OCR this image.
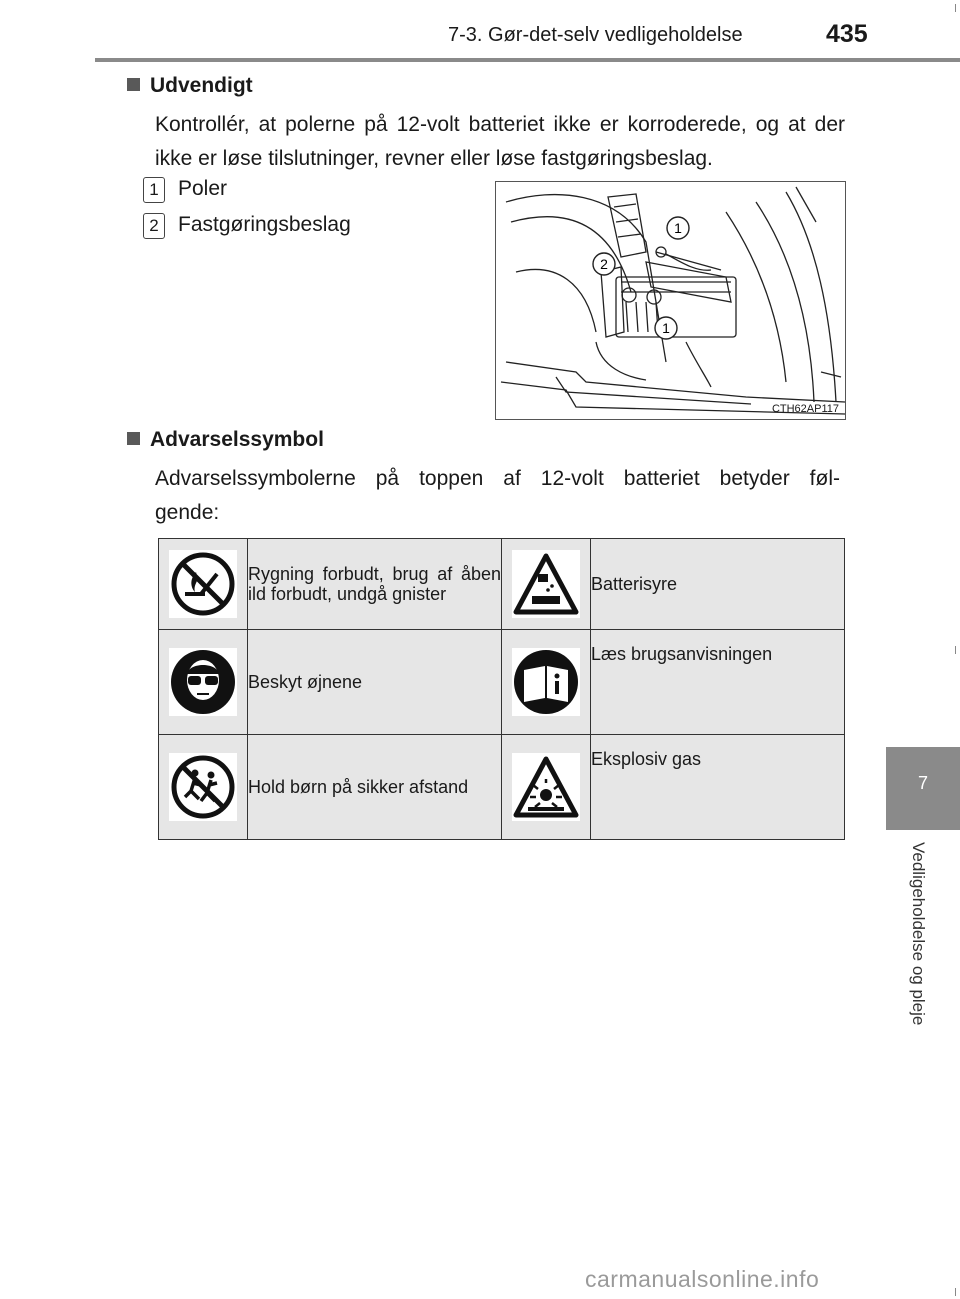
7-3. Gør-det-selv vedligeholdelse	435
7
Vedligeholdelse og pleje
Udvendigt
Kontrollér, at polerne på 12-volt batteriet ikke er korroderede, og at der ikke er løse tilslutninger, revner eller løse fastgøringsbeslag.
1 Poler
2 Fastgøringsbeslag	1
2
1
CTH62AP117
Advarselssymbol
Advarselssymbolerne på toppen af 12-volt batteriet betyder føl-
gende:
	Rygning forbudt, brug af åben ild forbudt, undgå gnister		Batterisyre

	Beskyt øjnene		Læs brugsanvisningen

	Hold børn på sikker afstand		Eksplosiv gas
carmanualsonline.info
